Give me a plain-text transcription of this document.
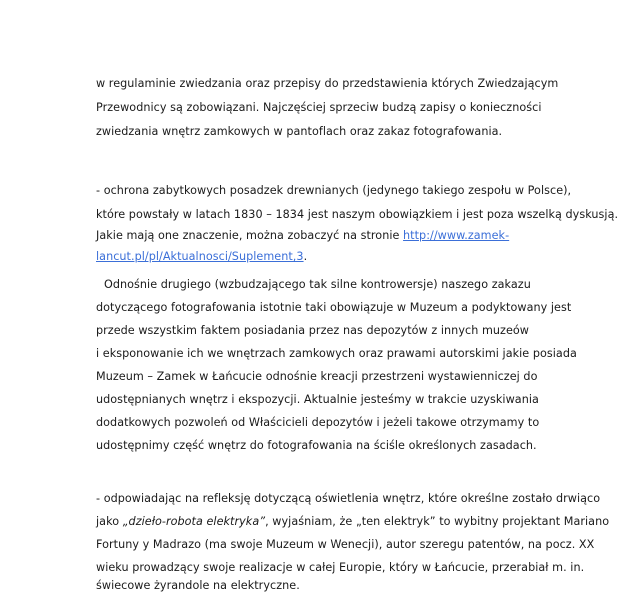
w regulaminie zwiedzania oraz przepisy do przedstawienia których Zwiedzającym
Przewodnicy są zobowiązani. Najczęściej sprzeciw budzą zapisy o konieczności
zwiedzania wnętrz zamkowych w pantoflach oraz zakaz fotografowania.
- ochrona zabytkowych posadzek drewnianych (jedynego takiego zespołu w Polsce),
które powstały w latach 1830 – 1834 jest naszym obowiązkiem i jest poza wszelką dyskusją.
Jakie mają one znaczenie, można zobaczyć na stronie http://www.zamek-
lancut.pl/pl/Aktualnosci/Suplement,3.
Odnośnie drugiego (wzbudzającego tak silne kontrowersje) naszego zakazu
dotyczącego fotografowania istotnie taki obowiązuje w Muzeum a podyktowany jest
przede wszystkim faktem posiadania przez nas depozytów z innych muzeów
i eksponowanie ich we wnętrzach zamkowych oraz prawami autorskimi jakie posiada
Muzeum – Zamek w Łańcucie odnośnie kreacji przestrzeni wystawienniczej do
udostępnianych wnętrz i ekspozycji. Aktualnie jesteśmy w trakcie uzyskiwania
dodatkowych pozwoleń od Właścicieli depozytów i jeżeli takowe otrzymamy to
udostępnimy część wnętrz do fotografowania na ściśle określonych zasadach.
- odpowiadając na refleksję dotyczącą oświetlenia wnętrz, które określne zostało drwiąco
jako „dzieło-robota elektryka”, wyjaśniam, że „ten elektryk” to wybitny projektant Mariano
Fortuny y Madrazo (ma swoje Muzeum w Wenecji), autor szeregu patentów, na pocz. XX
wieku prowadzący swoje realizacje w całej Europie, który w Łańcucie, przerabiał m. in.
świecowe żyrandole na elektryczne.
